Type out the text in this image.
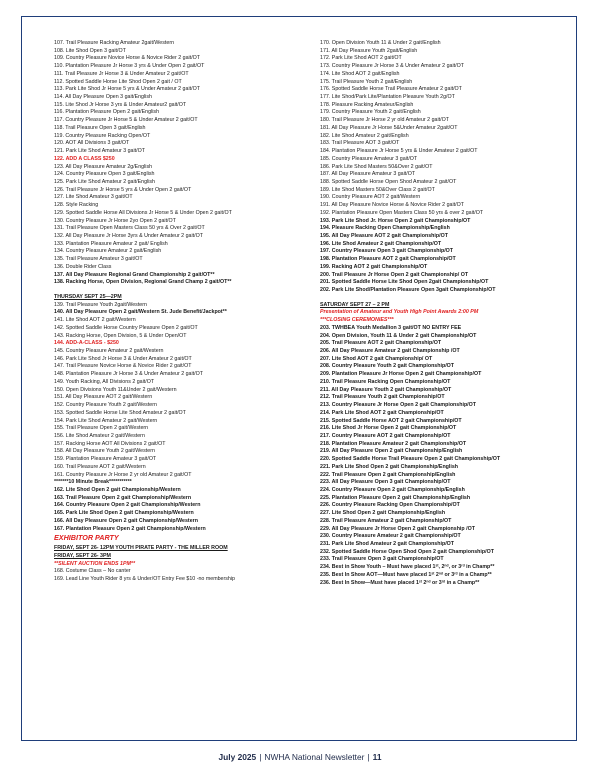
107. Trail Pleasure Racking Amateur 2gait/Western
108. Lite Shod Open 3 gait/OT
109. Country Pleasure Novice Horse & Novice Rider 2 gait/OT
110. Plantation Pleasure Jr Horse 3 yrs & Under Open 2 gait/OT
111. Trail Pleasure Jr Horse 3 & Under Amateur 2 gait/OT
112. Spotted Saddle Horse Lite Shod Open 2 gait / OT
113. Park Lite Shod Jr Horse 5 yrs & Under Amateur 2 gait/OT
114. All Day Pleasure Open 3 gait/English
115. Lite Shod Jr Horse 3 yrs & Under Amateur2 gait/OT
116. Plantation Pleasure Open 2 gait/English
117. Country Pleasure Jr Horse 5 & Under Amateur 2 gait/OT
118. Trail Pleasure Open 3 gait/English
119. Country Pleasure Racking Open/OT
120. AOT All Divisions 3 gait/OT
121. Park Lite Shod Amateur 3 gait/OT
122. ADD A CLASS $250
123. All Day Pleasure Amateur 2g/English
124. Country Pleasure Open 3 gait/English
125. Park Lite Shod Amateur 2 gait/English
126. Trail Pleasure Jr Horse 5 yrs & Under Open 2 gait/OT
127. Lite Shod Amateur 3 gait/OT
128. Style Racking
129. Spotted Saddle Horse All Divisions Jr Horse 5 & Under Open 2 gait/OT
130. Country Pleasure Jr Horse 2yo Open 2 gait/OT
131. Trail Pleasure Open Masters Class 50 yrs & Over 2 gait/OT
132. All Day Pleasure Jr Horse 3yrs & Under Amateur 2 gait/OT
133. Plantation Pleasure Amateur 2 gait/ English
134. Country Pleasure Amateur 2 gait/English
135. Trail Pleasure Amateur 3 gait/OT
136. Double Rider Class
137. All Day Pleasure Regional Grand Championship 2 gait/OT**
138. Racking Horse, Open Division, Regional Grand Champ 2 gait/OT**
THURSDAY SEPT 25—2PM
139. Trail Pleasure Youth 2gait/Western
140. All Day Pleasure Open 2 gait/Western St. Jude Benefit/Jackpot**
141. Lite Shod AOT 2 gait/Western
142. Spotted Saddle Horse Country Pleasure Open 2 gait/OT
143. Racking Horse, Open Division, 5 & Under Open/OT
144. ADD-A-CLASS - $250
145. Country Pleasure Amateur 2 gait/Western
146. Park Lite Shod Jr Horse 3 & Under Amateur 2 gait/OT
147. Trail Pleasure Novice Horse & Novice Rider 2 gait/OT
148. Plantation Pleasure Jr Horse 3 & Under Amateur 2 gait/OT
149. Youth Racking, All Divisions 2 gait/OT
150. Open Divisions Youth 11&Under 2 gait/Western
151. All Day Pleasure AOT 2 gait/Western
152. Country Pleasure Youth 2 gait/Western
153. Spotted Saddle Horse Lite Shod Amateur 2 gait/OT
154. Park Lite Shod Amateur 2 gait/Western
155. Trail Pleasure Open 2 gait/Western
156. Lite Shod Amateur 2 gait/Western
157. Racking Horse AOT All Divisions 2 gait/OT
158. All Day Pleasure Youth 2 gait/Western
159. Plantation Pleasure Amateur 3 gait/OT
160. Trail Pleasure AOT 2 gait/Western
161. Country Pleasure Jr Horse 2 yr old Amateur 2 gait/OT
*******10 Minute Break***********
162. Lite Shod Open 2 gait Championship/Western
163. Trail Pleasure Open 2 gait Championship/Western
164. Country Pleasure Open 2 gait Championship/Western
165. Park Lite Shod Open 2 gait Championship/Western
166. All Day Pleasure Open 2 gait Championship/Western
167. Plantation Pleasure Open 2 gait Championship/Western
EXHIBITOR PARTY
FRIDAY, SEPT 26- 12PM YOUTH PIRATE PARTY - THE MILLER ROOM
FRIDAY, SEPT 26- 3PM
**SILENT AUCTION ENDS 1PM**
168. Costume Class – No canter
169. Lead Line Youth Rider 8 yrs & Under/OT Entry Fee $10 -no membership
170. Open Division Youth 11 & Under 2 gait/English
171. All Day Pleasure Youth 2gait/English
172. Park Lite Shod AOT 2 gait/OT
173. Country Pleasure Jr Horse 3 & Under Amateur 2 gait/OT
174. Lite Shod AOT 2 gait/English
175. Trail Pleasure Youth 2 gait/English
176. Spotted Saddle Horse Trail Pleasure Amateur 2 gait/OT
177. Lite Shod/Park Lite/Plantation Pleasure Youth 2g/OT
178. Pleasure Racking Amateur/English
179. Country Pleasure Youth 2 gait/English
180. Trail Pleasure Jr Horse 2 yr old Amateur 2 gait/OT
181. All Day Pleasure Jr Horse 5&Under Amateur 2gait/OT
182. Lite Shod Amateur 2 gait/English
183. Trail Pleasure AOT 3 gait/OT
184. Plantation Pleasure Jr Horse 5 yrs & Under Amateur 2 gait/OT
185. Country Pleasure Amateur 3 gait/OT
186. Park Lite Shod Masters 50&Over 2 gait/OT
187. All Day Pleasure Amateur 3 gait/OT
188. Spotted Saddle Horse Open Shod Amateur 2 gait/OT
189. Lite Shod Masters 50&Over Class 2 gait/OT
190. Country Pleasure AOT 2 gait/Western
191. All Day Pleasure Novice Horse & Novice Rider 2 gait/OT
192. Plantation Pleasure Open Masters Class 50 yrs & over 2 gait/OT
193. Park Lite Shod Jr. Horse Open 2 gait Championship/OT
194. Pleasure Racking Open Championship/English
195. All Day Pleasure AOT 2 gait Championship/OT
196. Lite Shod Amateur 2 gait Championship/OT
197. Country Pleasure Open 3 gait Championship/OT
198. Plantation Pleasure AOT 2 gait Championship/OT
199. Racking AOT 2 gait Championship/OT
200. Trail Pleasure Jr Horse Open 2 gait Championship/ OT
201. Spotted Saddle Horse Lite Shod Open 2gait Championship/OT
202. Park Lite Shod/Plantation Pleasure Open 3gait Championship/OT
SATURDAY SEPT 27 – 2 PM
Presentation of Amateur and Youth High Point Awards 2:00 PM
***CLOSING CEREMONIES***
203. TWHBEA Youth Medallion 3 gait/OT NO ENTRY FEE
204. Open Division, Youth 11 & Under 2 gait Championship/OT
205. Trail Pleasure AOT 2 gait Championship/OT
206. All Day Pleasure Amateur 2 gait Championship /OT
207. Lite Shod AOT 2 gait Championship/ OT
208. Country Pleasure Youth 2 gait Championship/OT
209. Plantation Pleasure Jr Horse Open 2 gait Championship/OT
210. Trail Pleasure Racking Open Championship/OT
211. All Day Pleasure Youth 2 gait Championship/OT
212. Trail Pleasure Youth 2 gait Championship/OT
213. Country Pleasure Jr Horse Open 2 gait Championship/OT
214. Park Lite Shod AOT 2 gait Championship/OT
215. Spotted Saddle Horse AOT 2 gait Championship/OT
216. Lite Shod Jr Horse Open 2 gait Championship/OT
217. Country Pleasure AOT 2 gait Championship/OT
218. Plantation Pleasure Amateur 2 gait Championship/OT
219. All Day Pleasure Open 2 gait Championship/English
220. Spotted Saddle Horse Trail Pleasure Open 2 gait Championship/OT
221. Park Lite Shod Open 2 gait Championship/English
222. Trail Pleasure Open 2 gait Championship/English
223. All Day Pleasure Open 3 gait Championship/OT
224. Country Pleasure Open 2 gait Championship/English
225. Plantation Pleasure Open 2 gait Championship/English
226. Country Pleasure Racking Open Championship/OT
227. Lite Shod Open 2 gait Championship/English
228. Trail Pleasure Amateur 2 gait Championship/OT
229. All Day Pleasure Jr Horse Open 2 gait Championship /OT
230. Country Pleasure Amateur 2 gait Championship/OT
231. Park Lite Shod Amateur 2 gait Championship/OT
232. Spotted Saddle Horse Open Shod Open 2 gait Championship/OT
233. Trail Pleasure Open 3 gait Championship/OT
234. Best in Show Youth – Must have placed 1st, 2nd, or 3rd in Champ**
235. Best In Show AOT—Must have placed 1st 2nd or 3rd in a Champ**
236. Best In Show—Must have placed 1st 2nd or 3rd in a Champ**
July 2025 | NWHA National Newsletter | 11
